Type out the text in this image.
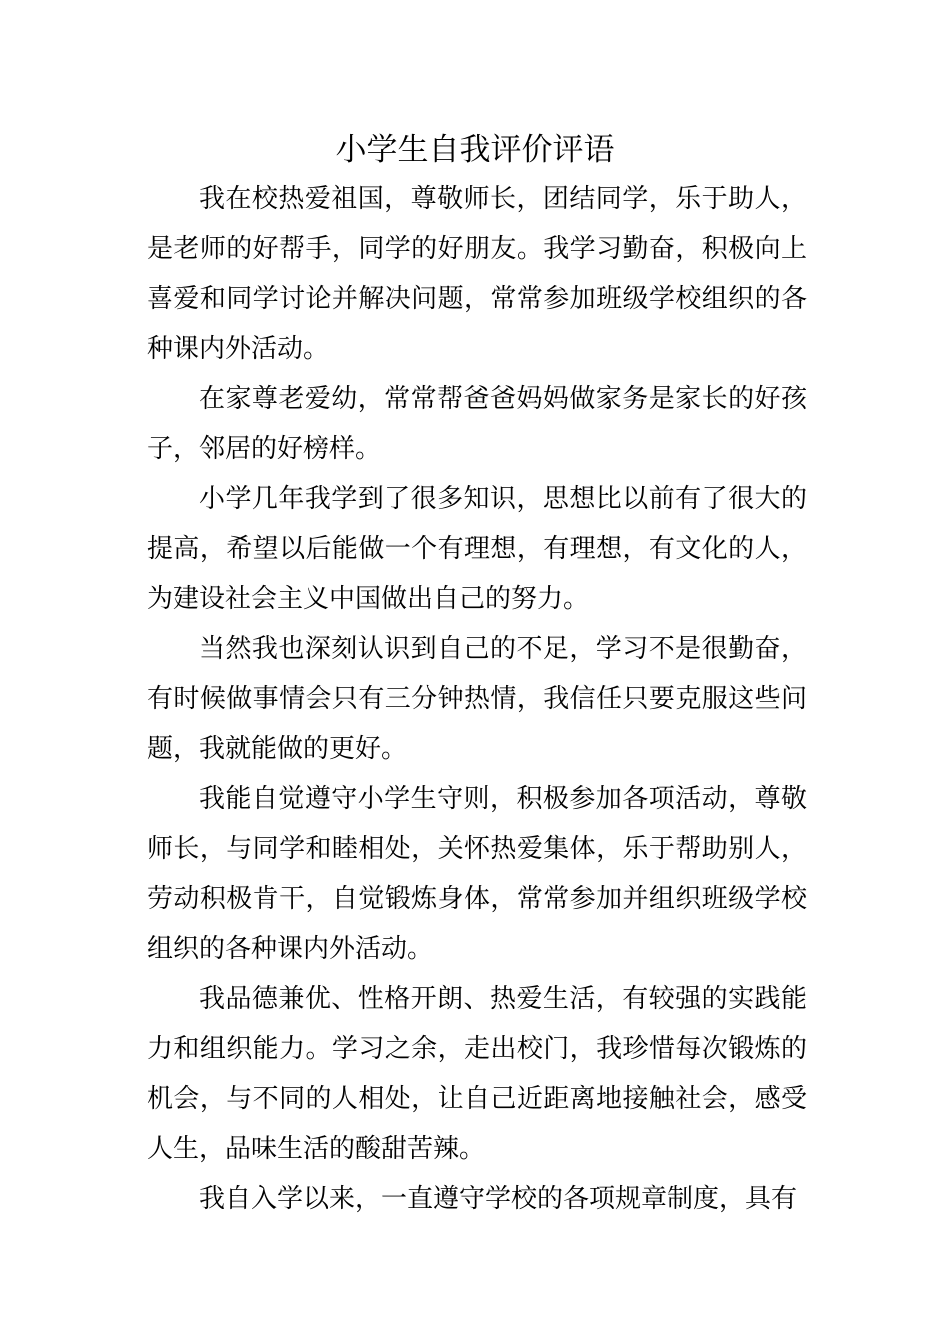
小学生自我评价评语

我在校热爱祖国，尊敬师长，团结同学，乐于助人，是老师的好帮手，同学的好朋友。我学习勤奋，积极向上喜爱和同学讨论并解决问题，常常参加班级学校组织的各种课内外活动。

在家尊老爱幼，常常帮爸爸妈妈做家务是家长的好孩子，邻居的好榜样。

小学几年我学到了很多知识，思想比以前有了很大的提高，希望以后能做一个有理想，有理想，有文化的人，为建设社会主义中国做出自己的努力。

当然我也深刻认识到自己的不足，学习不是很勤奋，有时候做事情会只有三分钟热情，我信任只要克服这些问题，我就能做的更好。

我能自觉遵守小学生守则，积极参加各项活动，尊敬师长，与同学和睦相处，关怀热爱集体，乐于帮助别人，劳动积极肯干，自觉锻炼身体，常常参加并组织班级学校组织的各种课内外活动。

我品德兼优、性格开朗、热爱生活，有较强的实践能力和组织能力。学习之余，走出校门，我珍惜每次锻炼的机会，与不同的人相处，让自己近距离地接触社会，感受人生，品味生活的酸甜苦辣。

我自入学以来，一直遵守学校的各项规章制度，具有
